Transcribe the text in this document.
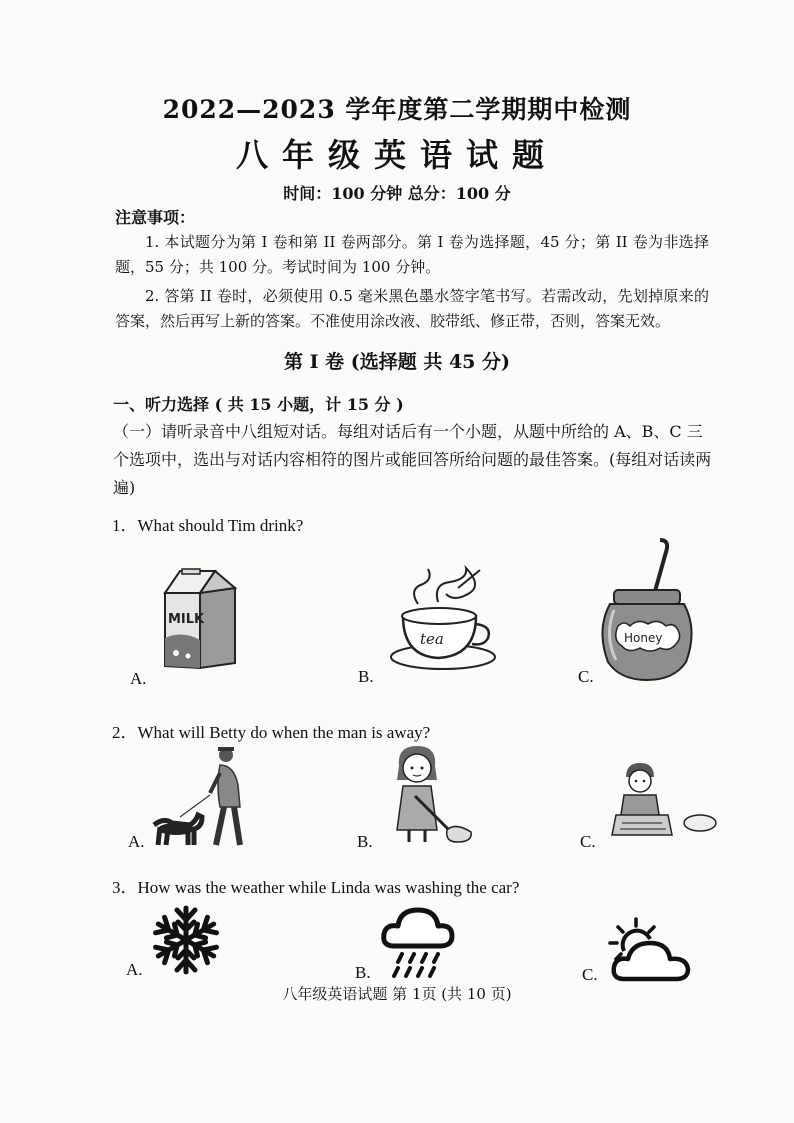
2022—2023 学年度第二学期期中检测
八年级英语试题
时间：100 分钟 总分：100 分
注意事项：
1. 本试题分为第 I 卷和第 II 卷两部分。第 I 卷为选择题，45 分；第 II 卷为非选择题，55 分；共 100 分。考试时间为 100 分钟。
2. 答第 II 卷时，必须使用 0.5 毫米黑色墨水签字笔书写。若需改动，先划掉原来的答案，然后再写上新的答案。不准使用涂改液、胶带纸、修正带，否则，答案无效。
第 I 卷 (选择题 共 45 分)
一、听力选择 ( 共 15 小题，计 15 分 )
（一）请听录音中八组短对话。每组对话后有一个小题，从题中所给的 A、B、C 三个选项中，选出与对话内容相符的图片或能回答所给问题的最佳答案。(每组对话读两遍)
1．What should Tim drink?
MILK
A.
tea
B.
Honey
C.
2．What will Betty do when the man is away?
A.	B.	C.
3．How was the weather while Linda was washing the car?
A.	B.	C.
八年级英语试题 第 1页 (共 10 页)
